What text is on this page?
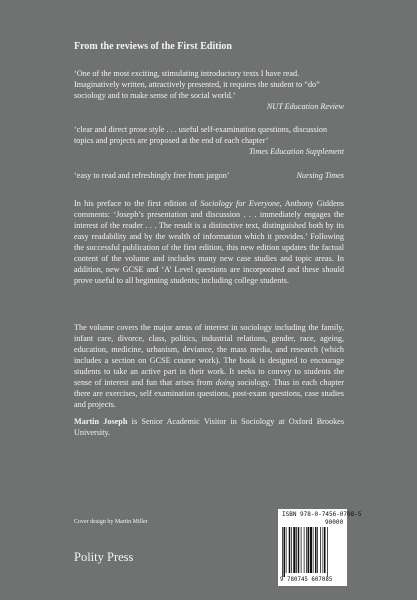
From the reviews of the First Edition
‘One of the most exciting, stimulating introductory texts I have read. Imaginatively written, attractively presented, it requires the student to “do” sociology and to make sense of the social world.’
NUT Education Review
‘clear and direct prose style . . . useful self-examination questions, discussion topics and projects are proposed at the end of each chapter’
Times Education Supplement
‘easy to read and refreshingly free from jargon’	Nursing Times
In his preface to the first edition of Sociology for Everyone, Anthony Giddens comments: ‘Joseph’s presentation and discussion . . . immediately engages the interest of the reader . . . The result is a distinctive text, distinguished both by its easy readability and by the wealth of information which it provides.’ Following the successful publication of the first edition, this new edition updates the factual content of the volume and includes many new case studies and topic areas. In addition, new GCSE and ‘A’ Level questions are incorporated and these should prove useful to all beginning students; including college students.
The volume covers the major areas of interest in sociology including the family, infant care, divorce, class, politics, industrial relations, gender, race, ageing, education, medicine, urbanism, deviance, the mass media, and research (which includes a section on GCSE course work). The book is designed to encourage students to take an active part in their work. It seeks to convey to students the sense of interest and fun that arises from doing sociology. Thus in each chapter there are exercises, self examination questions, post-exam questions, case studies and projects.
Martin Joseph is Senior Academic Visitor in Sociology at Oxford Brookes University.
Cover design by Martin Miller
Polity Press
ISBN 978-0-7456-0708-5
90000
9 780745 607085
